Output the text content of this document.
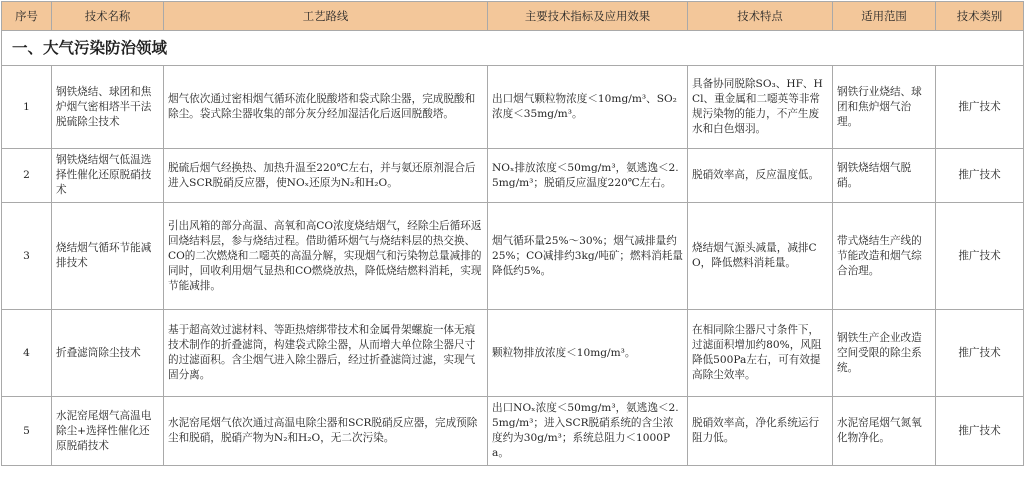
序号	技术名称	工艺路线	主要技术指标及应用效果	技术特点	适用范围	技术类别
一、大气污染防治领域						
1	钢铁烧结、球团和焦炉烟气密相塔半干法脱硫除尘技术	烟气依次通过密相烟气循环流化脱酸塔和袋式除尘器，完成脱酸和除尘。袋式除尘器收集的部分灰分经加湿活化后返回脱酸塔。	出口烟气颗粒物浓度＜10mg/m³、SO₂浓度＜35mg/m³。	具备协同脱除SO₃、HF、HCl、重金属和二噁英等非常规污染物的能力，不产生废水和白色烟羽。	钢铁行业烧结、球团和焦炉烟气治理。	推广技术
2	钢铁烧结烟气低温选择性催化还原脱硝技术	脱硫后烟气经换热、加热升温至220℃左右，并与氨还原剂混合后进入SCR脱硝反应器，使NOₓ还原为N₂和H₂O。	NOₓ排放浓度＜50mg/m³，氨逃逸＜2.5mg/m³；脱硝反应温度220℃左右。	脱硝效率高，反应温度低。	钢铁烧结烟气脱硝。	推广技术
3	烧结烟气循环节能减排技术	引出风箱的部分高温、高氧和高CO浓度烧结烟气，经除尘后循环返回烧结料层，参与烧结过程。借助循环烟气与烧结料层的热交换、CO的二次燃烧和二噁英的高温分解，实现烟气和污染物总量减排的同时，回收利用烟气显热和CO燃烧放热，降低烧结燃料消耗，实现节能减排。	烟气循环量25%～30%；烟气减排量约25%；CO减排约3kg/吨矿；燃料消耗量降低约5%。	烧结烟气源头减量，减排CO，降低燃料消耗量。	带式烧结生产线的节能改造和烟气综合治理。	推广技术
4	折叠滤筒除尘技术	基于超高效过滤材料、等距热熔绑带技术和金属骨架螺旋一体无痕技术制作的折叠滤筒，构建袋式除尘器，从而增大单位除尘器尺寸的过滤面积。含尘烟气进入除尘器后，经过折叠滤筒过滤，实现气固分离。	颗粒物排放浓度＜10mg/m³。	在相同除尘器尺寸条件下，过滤面积增加约80%，风阻降低500Pa左右，可有效提高除尘效率。	钢铁生产企业改造空间受限的除尘系统。	推广技术
5	水泥窑尾烟气高温电除尘+选择性催化还原脱硝技术	水泥窑尾烟气依次通过高温电除尘器和SCR脱硝反应器，完成预除尘和脱硝，脱硝产物为N₂和H₂O，无二次污染。	出口NOₓ浓度＜50mg/m³，氨逃逸＜2.5mg/m³；进入SCR脱硝系统的含尘浓度约为30g/m³；系统总阻力＜1000Pa。	脱硝效率高，净化系统运行阻力低。	水泥窑尾烟气氮氧化物净化。	推广技术
